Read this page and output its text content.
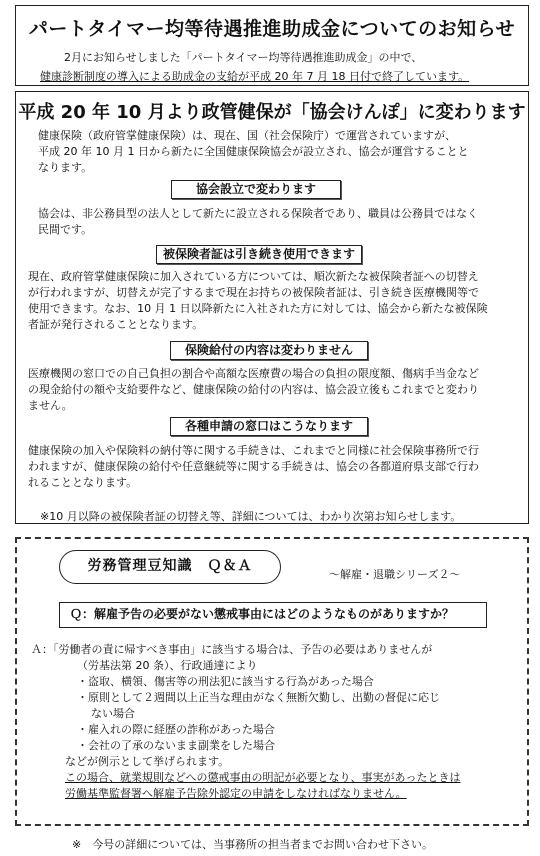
パートタイマー均等待遇推進助成金についてのお知らせ
2月にお知らせしました「パートタイマー均等待遇推進助成金」の中で、
健康診断制度の導入による助成金の支給が平成 20 年 7 月 18 日付で終了しています。
平成 20 年 10 月より政管健保が「協会けんぽ」に変わります
健康保険（政府管掌健康保険）は、現在、国（社会保険庁）で運営されていますが、
平成 20 年 10 月 1 日から新たに全国健康保険協会が設立され、協会が運営することと
なります。
協会設立で変わります
協会は、非公務員型の法人として新たに設立される保険者であり、職員は公務員ではなく
民間です。
被保険者証は引き続き使用できます
現在、政府管掌健康保険に加入されている方については、順次新たな被保険者証への切替え
が行われますが、切替えが完了するまで現在お持ちの被保険者証は、引き続き医療機関等で
使用できます。なお、10 月 1 日以降新たに入社された方に対しては、協会から新たな被保険
者証が発行されることとなります。
保険給付の内容は変わりません
医療機関の窓口での自己負担の割合や高額な医療費の場合の負担の限度額、傷病手当金など
の現金給付の額や支給要件など、健康保険の給付の内容は、協会設立後もこれまでと変わり
ません。
各種申請の窓口はこうなります
健康保険の加入や保険料の納付等に関する手続きは、これまでと同様に社会保険事務所で行
われますが、健康保険の給付や任意継続等に関する手続きは、協会の各都道府県支部で行わ
れることとなります。
※10 月以降の被保険者証の切替え等、詳細については、わかり次第お知らせします。
労務管理豆知識　Ｑ＆Ａ
～解雇・退職シリーズ２～
Ｑ：解雇予告の必要がない懲戒事由にはどのようなものがありますか？
Ａ：「労働者の責に帰すべき事由」に該当する場合は、予告の必要はありませんが
（労基法第 20 条）、行政通達により
・盗取、横領、傷害等の刑法犯に該当する行為があった場合
・原則として２週間以上正当な理由がなく無断欠勤し、出勤の督促に応じ
ない場合
・雇入れの際に経歴の詐称があった場合
・会社の了承のないまま副業をした場合
などが例示として挙げられます。
この場合、就業規則などへの懲戒事由の明記が必要となり、事実があったときは
労働基準監督署へ解雇予告除外認定の申請をしなければなりません。
※　今号の詳細については、当事務所の担当者までお問い合わせ下さい。
